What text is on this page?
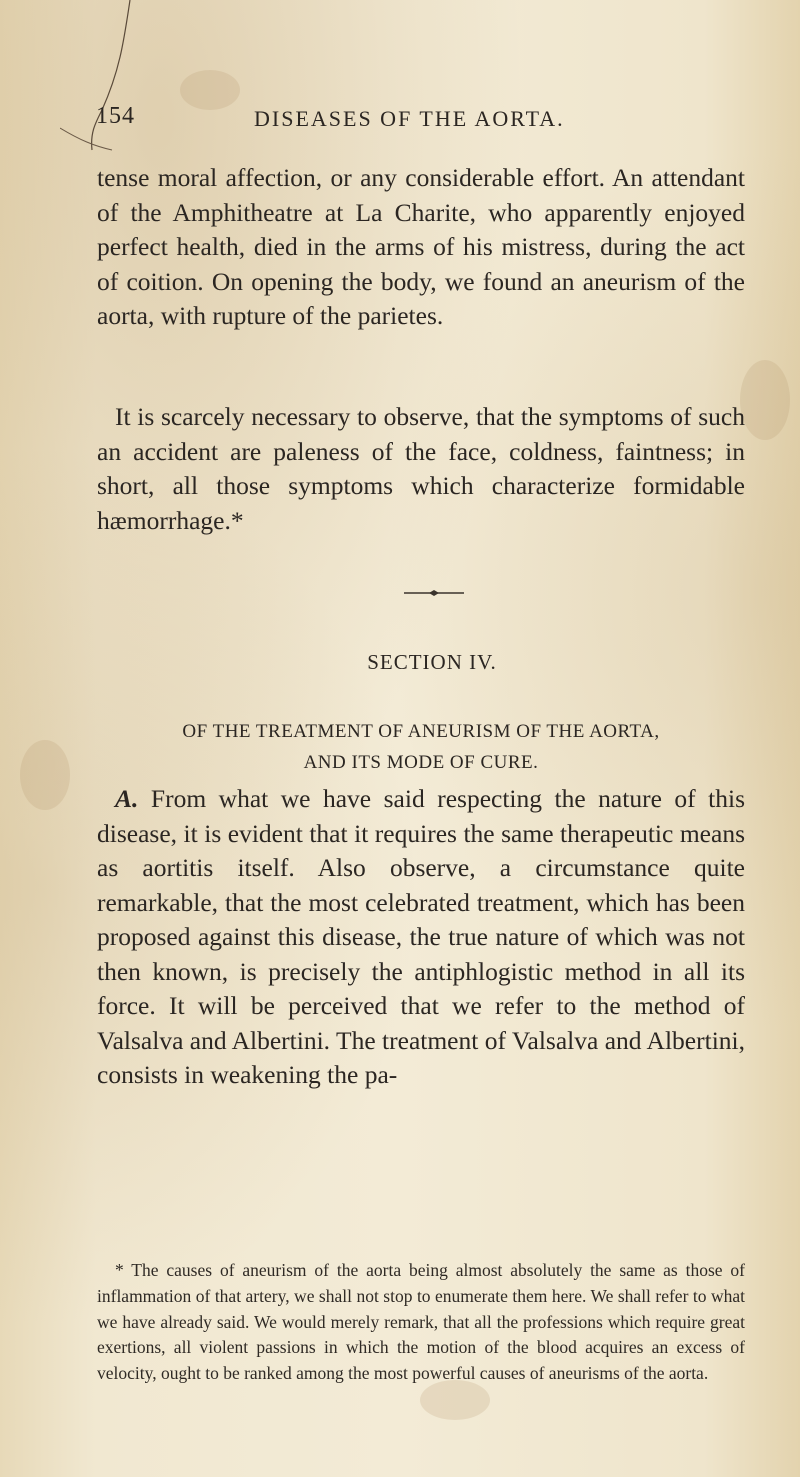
154	DISEASES OF THE AORTA.

tense moral affection, or any considerable effort. An attendant of the Amphitheatre at La Charite, who apparently enjoyed perfect health, died in the arms of his mistress, during the act of coition. On opening the body, we found an aneurism of the aorta, with rupture of the parietes.

It is scarcely necessary to observe, that the symptoms of such an accident are paleness of the face, coldness, faintness; in short, all those symptoms which characterize formidable hæmorrhage.*

SECTION IV.
OF THE TREATMENT OF ANEURISM OF THE AORTA,
AND ITS MODE OF CURE.

A. From what we have said respecting the nature of this disease, it is evident that it requires the same therapeutic means as aortitis itself. Also observe, a circumstance quite remarkable, that the most celebrated treatment, which has been proposed against this disease, the true nature of which was not then known, is precisely the antiphlogistic method in all its force. It will be perceived that we refer to the method of Valsalva and Albertini. The treatment of Valsalva and Albertini, consists in weakening the pa-

* The causes of aneurism of the aorta being almost absolutely the same as those of inflammation of that artery, we shall not stop to enumerate them here. We shall refer to what we have already said. We would merely remark, that all the professions which require great exertions, all violent passions in which the motion of the blood acquires an excess of velocity, ought to be ranked among the most powerful causes of aneurisms of the aorta.
